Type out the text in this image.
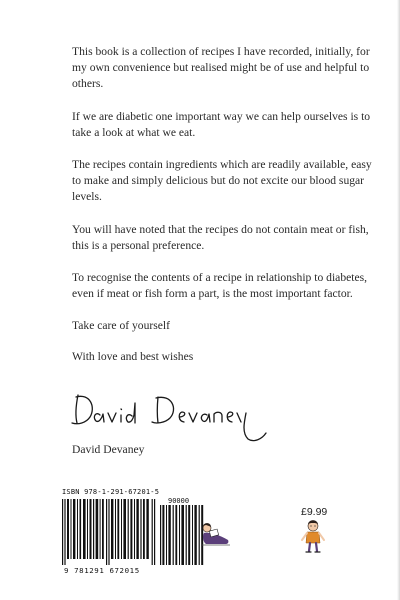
This book is a collection of recipes I have recorded, initially, for my own convenience but realised might be of use and helpful to others.

If we are diabetic one important way we can help ourselves is to take a look at what we eat.

The recipes contain ingredients which are readily available, easy to make and simply delicious but do not excite our blood sugar levels.

You will have noted that the recipes do not contain meat or fish, this is a personal preference.

To recognise the contents of a recipe in relationship to diabetes, even if meat or fish form a part, is the most important factor.

Take care of yourself

With love and best wishes

David Devaney
ISBN 978-1-291-67201-5
90000
9 781291 672015
£9.99
